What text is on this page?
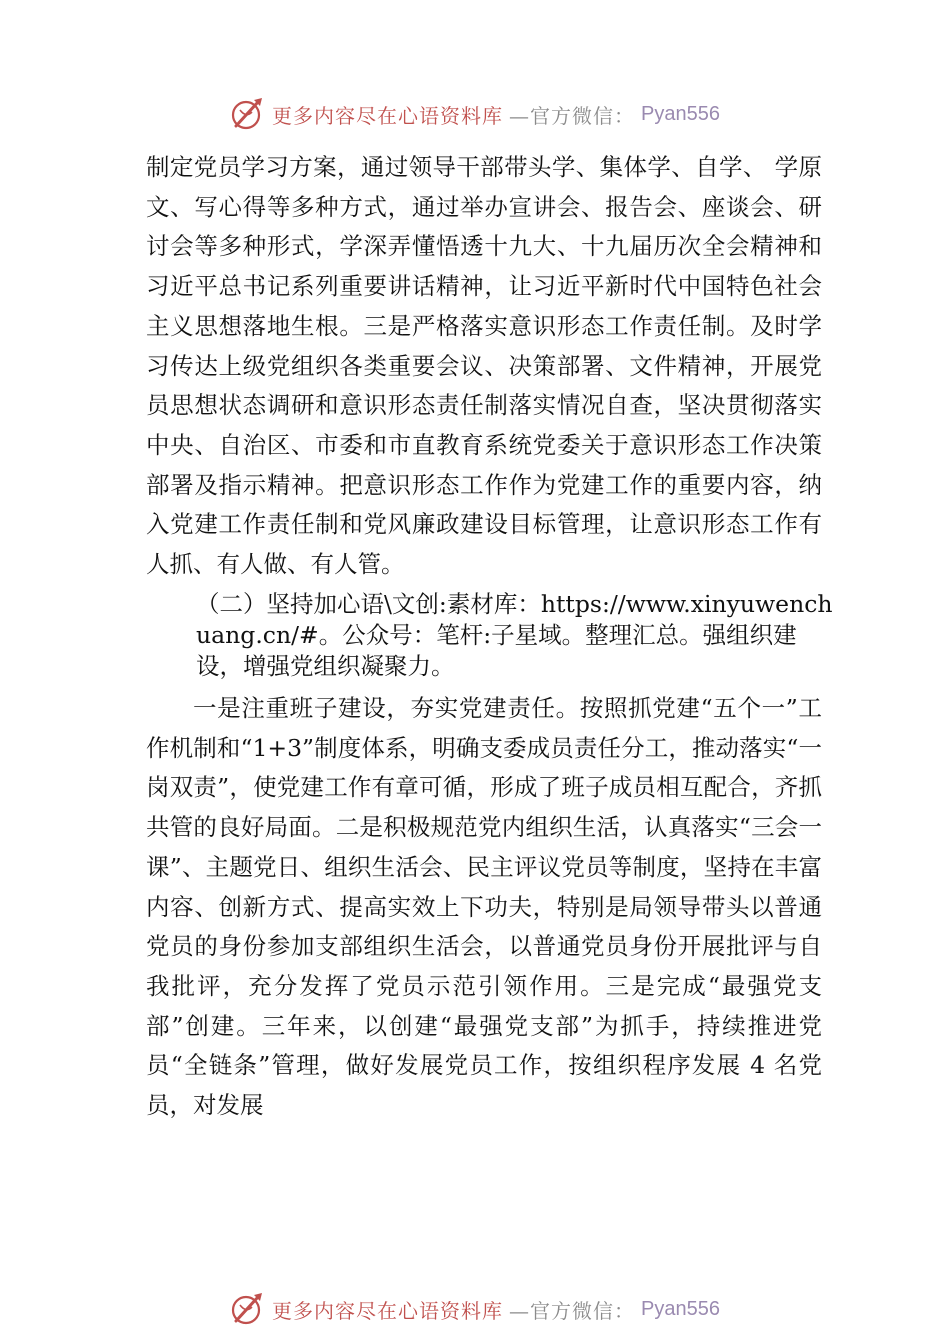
更多内容尽在心语资料库 —官方微信： Pyan556

制定党员学习方案，通过领导干部带头学、集体学、自学、 学原文、写心得等多种方式，通过举办宣讲会、报告会、座谈会、研讨会等多种形式，学深弄懂悟透十九大、十九届历次全会精神和习近平总书记系列重要讲话精神，让习近平新时代中国特色社会主义思想落地生根。三是严格落实意识形态工作责任制。及时学习传达上级党组织各类重要会议、决策部署、文件精神，开展党员思想状态调研和意识形态责任制落实情况自查，坚决贯彻落实中央、自治区、市委和市直教育系统党委关于意识形态工作决策部署及指示精神。把意识形态工作作为党建工作的重要内容，纳入党建工作责任制和党风廉政建设目标管理，让意识形态工作有人抓、有人做、有人管。

（二）坚持加心语\文创:素材库：https://www.xinyuwenchuang.cn/#。公众号：笔杆:子星域。整理汇总。强组织建设，增强党组织凝聚力。

一是注重班子建设，夯实党建责任。按照抓党建“五个一”工作机制和“1+3”制度体系，明确支委成员责任分工，推动落实“一岗双责”，使党建工作有章可循，形成了班子成员相互配合，齐抓共管的良好局面。二是积极规范党内组织生活，认真落实“三会一课”、主题党日、组织生活会、民主评议党员等制度，坚持在丰富内容、创新方式、提高实效上下功夫，特别是局领导带头以普通党员的身份参加支部组织生活会，以普通党员身份开展批评与自我批评，充分发挥了党员示范引领作用。三是完成“最强党支部”创建。三年来，以创建“最强党支部”为抓手，持续推进党员“全链条”管理，做好发展党员工作，按组织程序发展 4 名党员，对发展

更多内容尽在心语资料库 —官方微信： Pyan556
